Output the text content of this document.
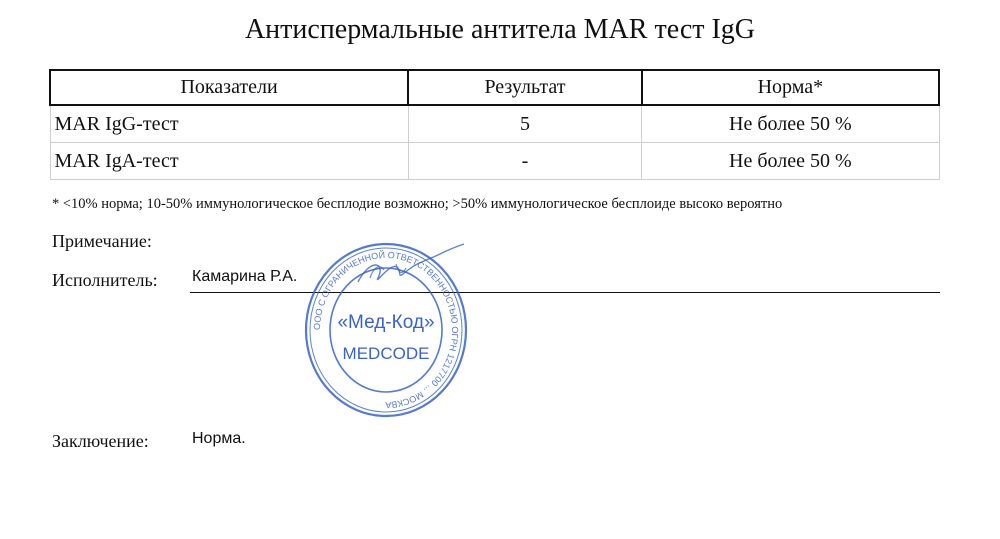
Антиспермальные антитела MAR тест IgG
Показатели	Результат	Норма*
MAR IgG-тест	5	Не более 50 %
MAR IgA-тест	-	Не более 50 %
* <10% норма; 10-50% иммунологическое бесплодие возможно; >50% иммунологическое бесплоиде высоко вероятно
Примечание:
Исполнитель: Камарина Р.А.
Заключение:	Норма.
ООО С ОГРАНИЧЕННОЙ ОТВЕТСТВЕННОСТЬЮ ОГРН 1217700 ... МОСКВА
«Мед-Код»
MEDCODE
